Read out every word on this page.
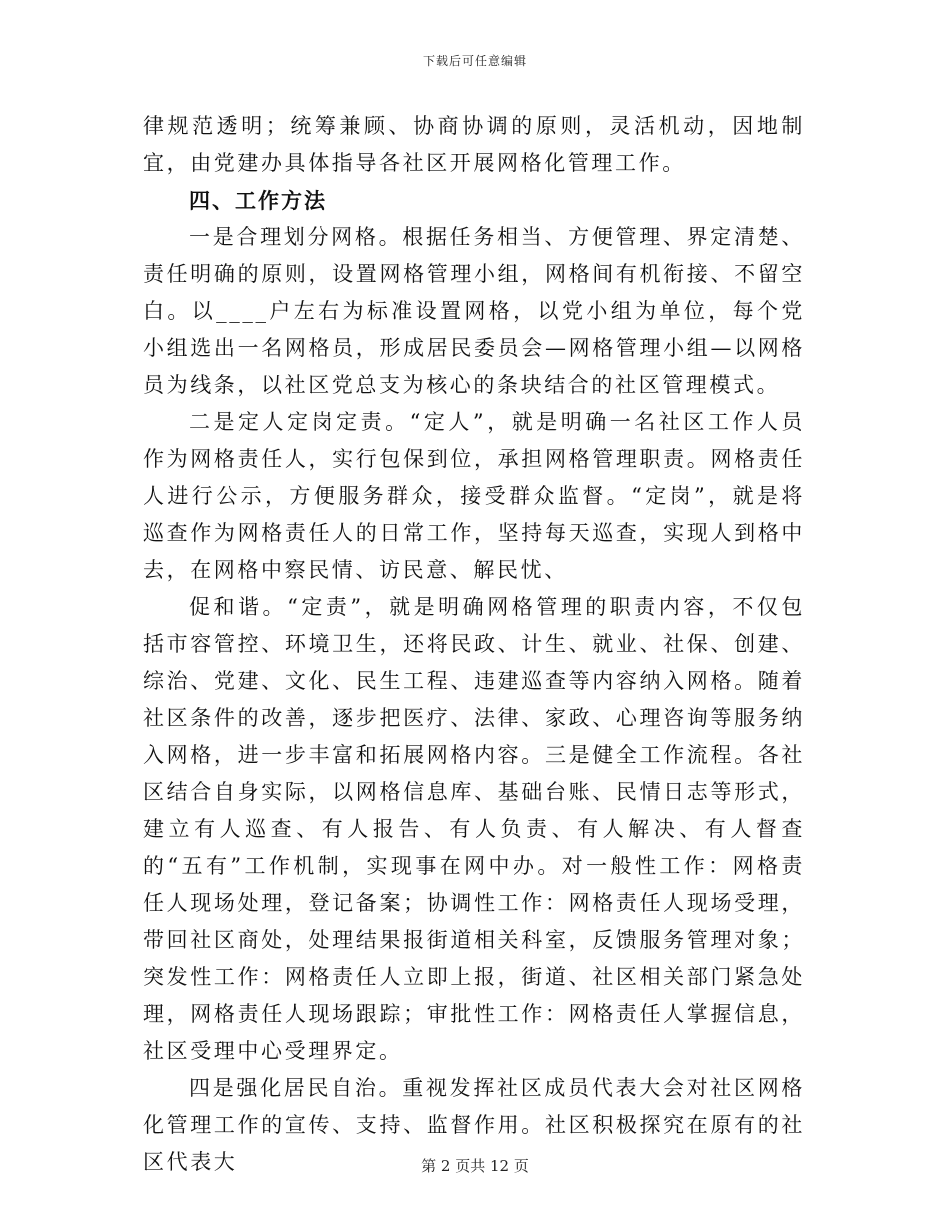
下载后可任意编辑

律规范透明；统筹兼顾、协商协调的原则，灵活机动，因地制宜，由党建办具体指导各社区开展网格化管理工作。

四、工作方法

一是合理划分网格。根据任务相当、方便管理、界定清楚、责任明确的原则，设置网格管理小组，网格间有机衔接、不留空白。以____户左右为标准设置网格，以党小组为单位，每个党小组选出一名网格员，形成居民委员会—网格管理小组—以网格员为线条，以社区党总支为核心的条块结合的社区管理模式。

二是定人定岗定责。“定人”，就是明确一名社区工作人员作为网格责任人，实行包保到位，承担网格管理职责。网格责任人进行公示，方便服务群众，接受群众监督。“定岗”，就是将巡查作为网格责任人的日常工作，坚持每天巡查，实现人到格中去，在网格中察民情、访民意、解民忧、

促和谐。“定责”，就是明确网格管理的职责内容，不仅包括市容管控、环境卫生，还将民政、计生、就业、社保、创建、综治、党建、文化、民生工程、违建巡查等内容纳入网格。随着社区条件的改善，逐步把医疗、法律、家政、心理咨询等服务纳入网格，进一步丰富和拓展网格内容。三是健全工作流程。各社区结合自身实际，以网格信息库、基础台账、民情日志等形式，建立有人巡查、有人报告、有人负责、有人解决、有人督查的“五有”工作机制，实现事在网中办。对一般性工作：网格责任人现场处理，登记备案；协调性工作：网格责任人现场受理，带回社区商处，处理结果报街道相关科室，反馈服务管理对象；突发性工作：网格责任人立即上报，街道、社区相关部门紧急处理，网格责任人现场跟踪；审批性工作：网格责任人掌握信息，社区受理中心受理界定。

四是强化居民自治。重视发挥社区成员代表大会对社区网格化管理工作的宣传、支持、监督作用。社区积极探究在原有的社区代表大	第 2 页共 12 页
